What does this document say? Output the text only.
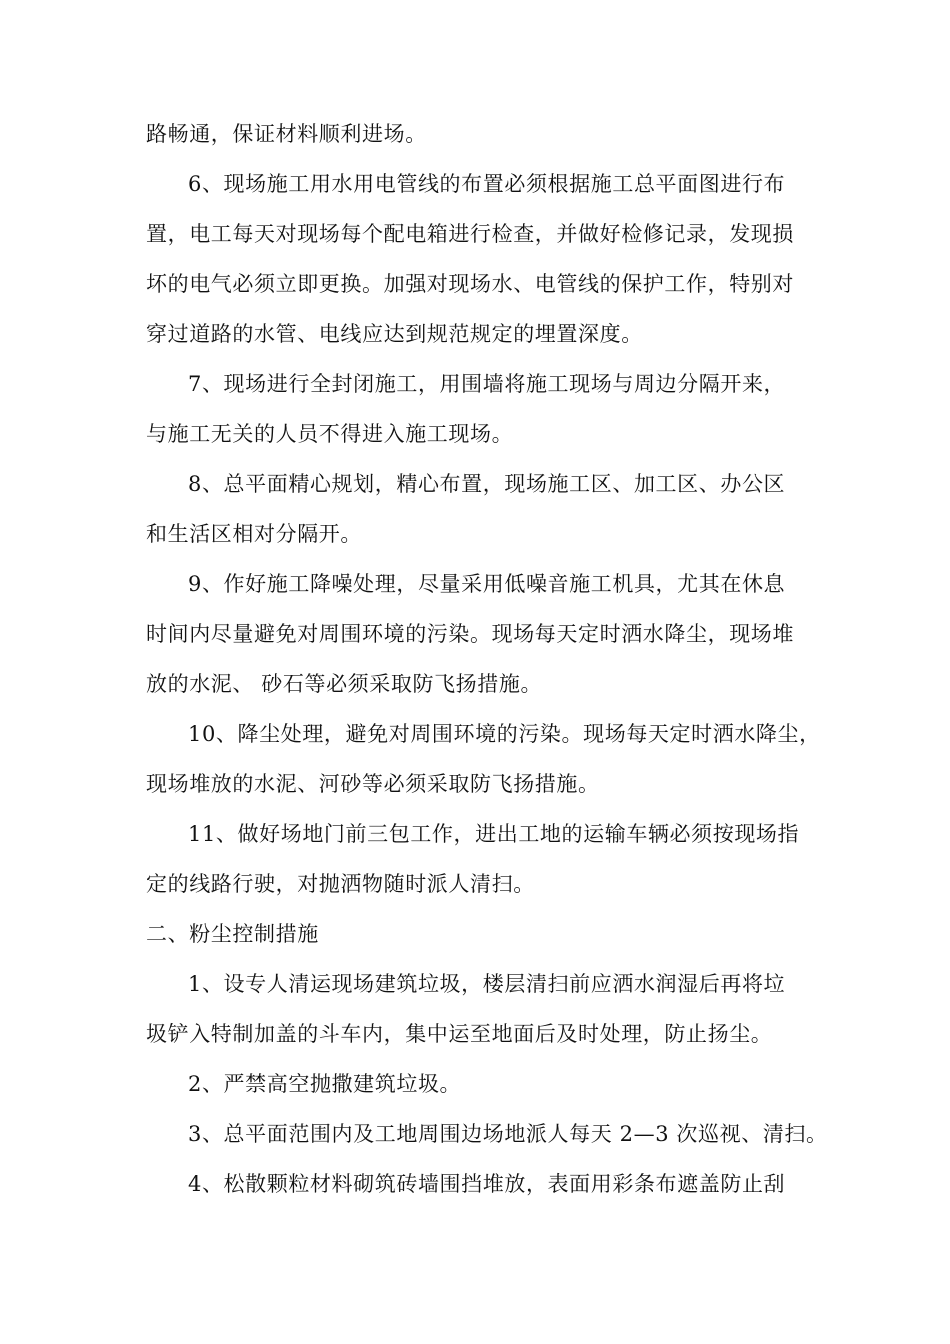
路畅通，保证材料顺利进场。
6、现场施工用水用电管线的布置必须根据施工总平面图进行布
置，电工每天对现场每个配电箱进行检查，并做好检修记录，发现损
坏的电气必须立即更换。加强对现场水、电管线的保护工作，特别对
穿过道路的水管、电线应达到规范规定的埋置深度。
7、现场进行全封闭施工，用围墙将施工现场与周边分隔开来，
与施工无关的人员不得进入施工现场。
8、总平面精心规划，精心布置，现场施工区、加工区、办公区
和生活区相对分隔开。
9、作好施工降噪处理，尽量采用低噪音施工机具，尤其在休息
时间内尽量避免对周围环境的污染。现场每天定时洒水降尘，现场堆
放的水泥、 砂石等必须采取防飞扬措施。
10、降尘处理，避免对周围环境的污染。现场每天定时洒水降尘，
现场堆放的水泥、河砂等必须采取防飞扬措施。
11、做好场地门前三包工作，进出工地的运输车辆必须按现场指
定的线路行驶，对抛洒物随时派人清扫。
二、粉尘控制措施
1、设专人清运现场建筑垃圾，楼层清扫前应洒水润湿后再将垃
圾铲入特制加盖的斗车内，集中运至地面后及时处理，防止扬尘。
2、严禁高空抛撒建筑垃圾。
3、总平面范围内及工地周围边场地派人每天 2—3 次巡视、清扫。
4、松散颗粒材料砌筑砖墙围挡堆放，表面用彩条布遮盖防止刮
